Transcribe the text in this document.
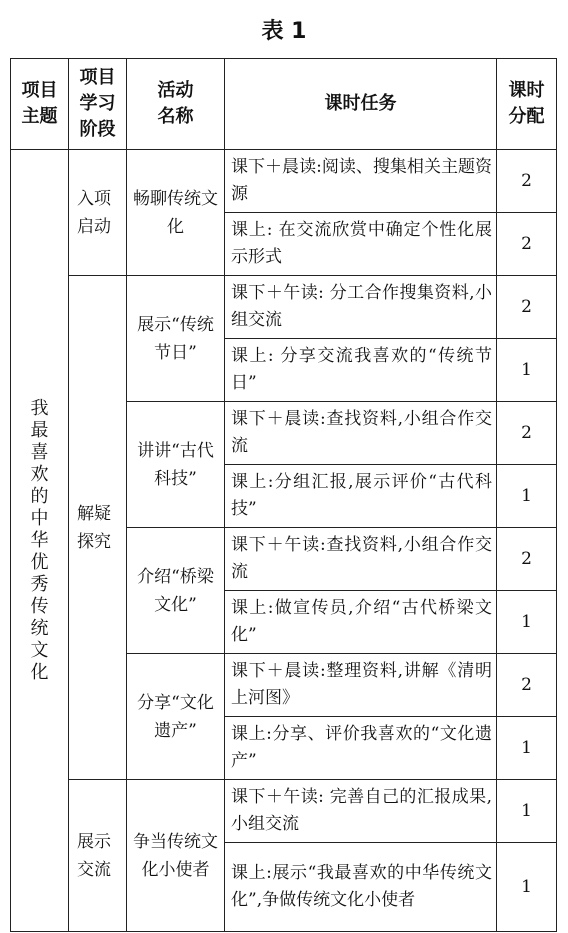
表 1
项目主题	项目学习阶段	活动名称	课时任务	课时分配

我最喜欢的中华优秀传统文化	入项启动	畅聊传统文化	课下＋晨读:阅读、搜集相关主题资源	2
			课上: 在交流欣赏中确定个性化展示形式	2

	解疑探究	展示“传统节日”	课下＋午读: 分工合作搜集资料,小组交流	2
			课上: 分享交流我喜欢的“传统节日”	1
		讲讲“古代科技”	课下＋晨读:查找资料,小组合作交流	2
			课上:分组汇报,展示评价“古代科技”	1
		介绍“桥梁文化”	课下＋午读:查找资料,小组合作交流	2
			课上:做宣传员,介绍“古代桥梁文化”	1
		分享“文化遗产”	课下＋晨读:整理资料,讲解《清明上河图》	2
			课上:分享、评价我喜欢的“文化遗产”	1

	展示交流	争当传统文化小使者	课下＋午读: 完善自己的汇报成果,小组交流	1
			课上:展示“我最喜欢的中华传统文化”,争做传统文化小使者	1
